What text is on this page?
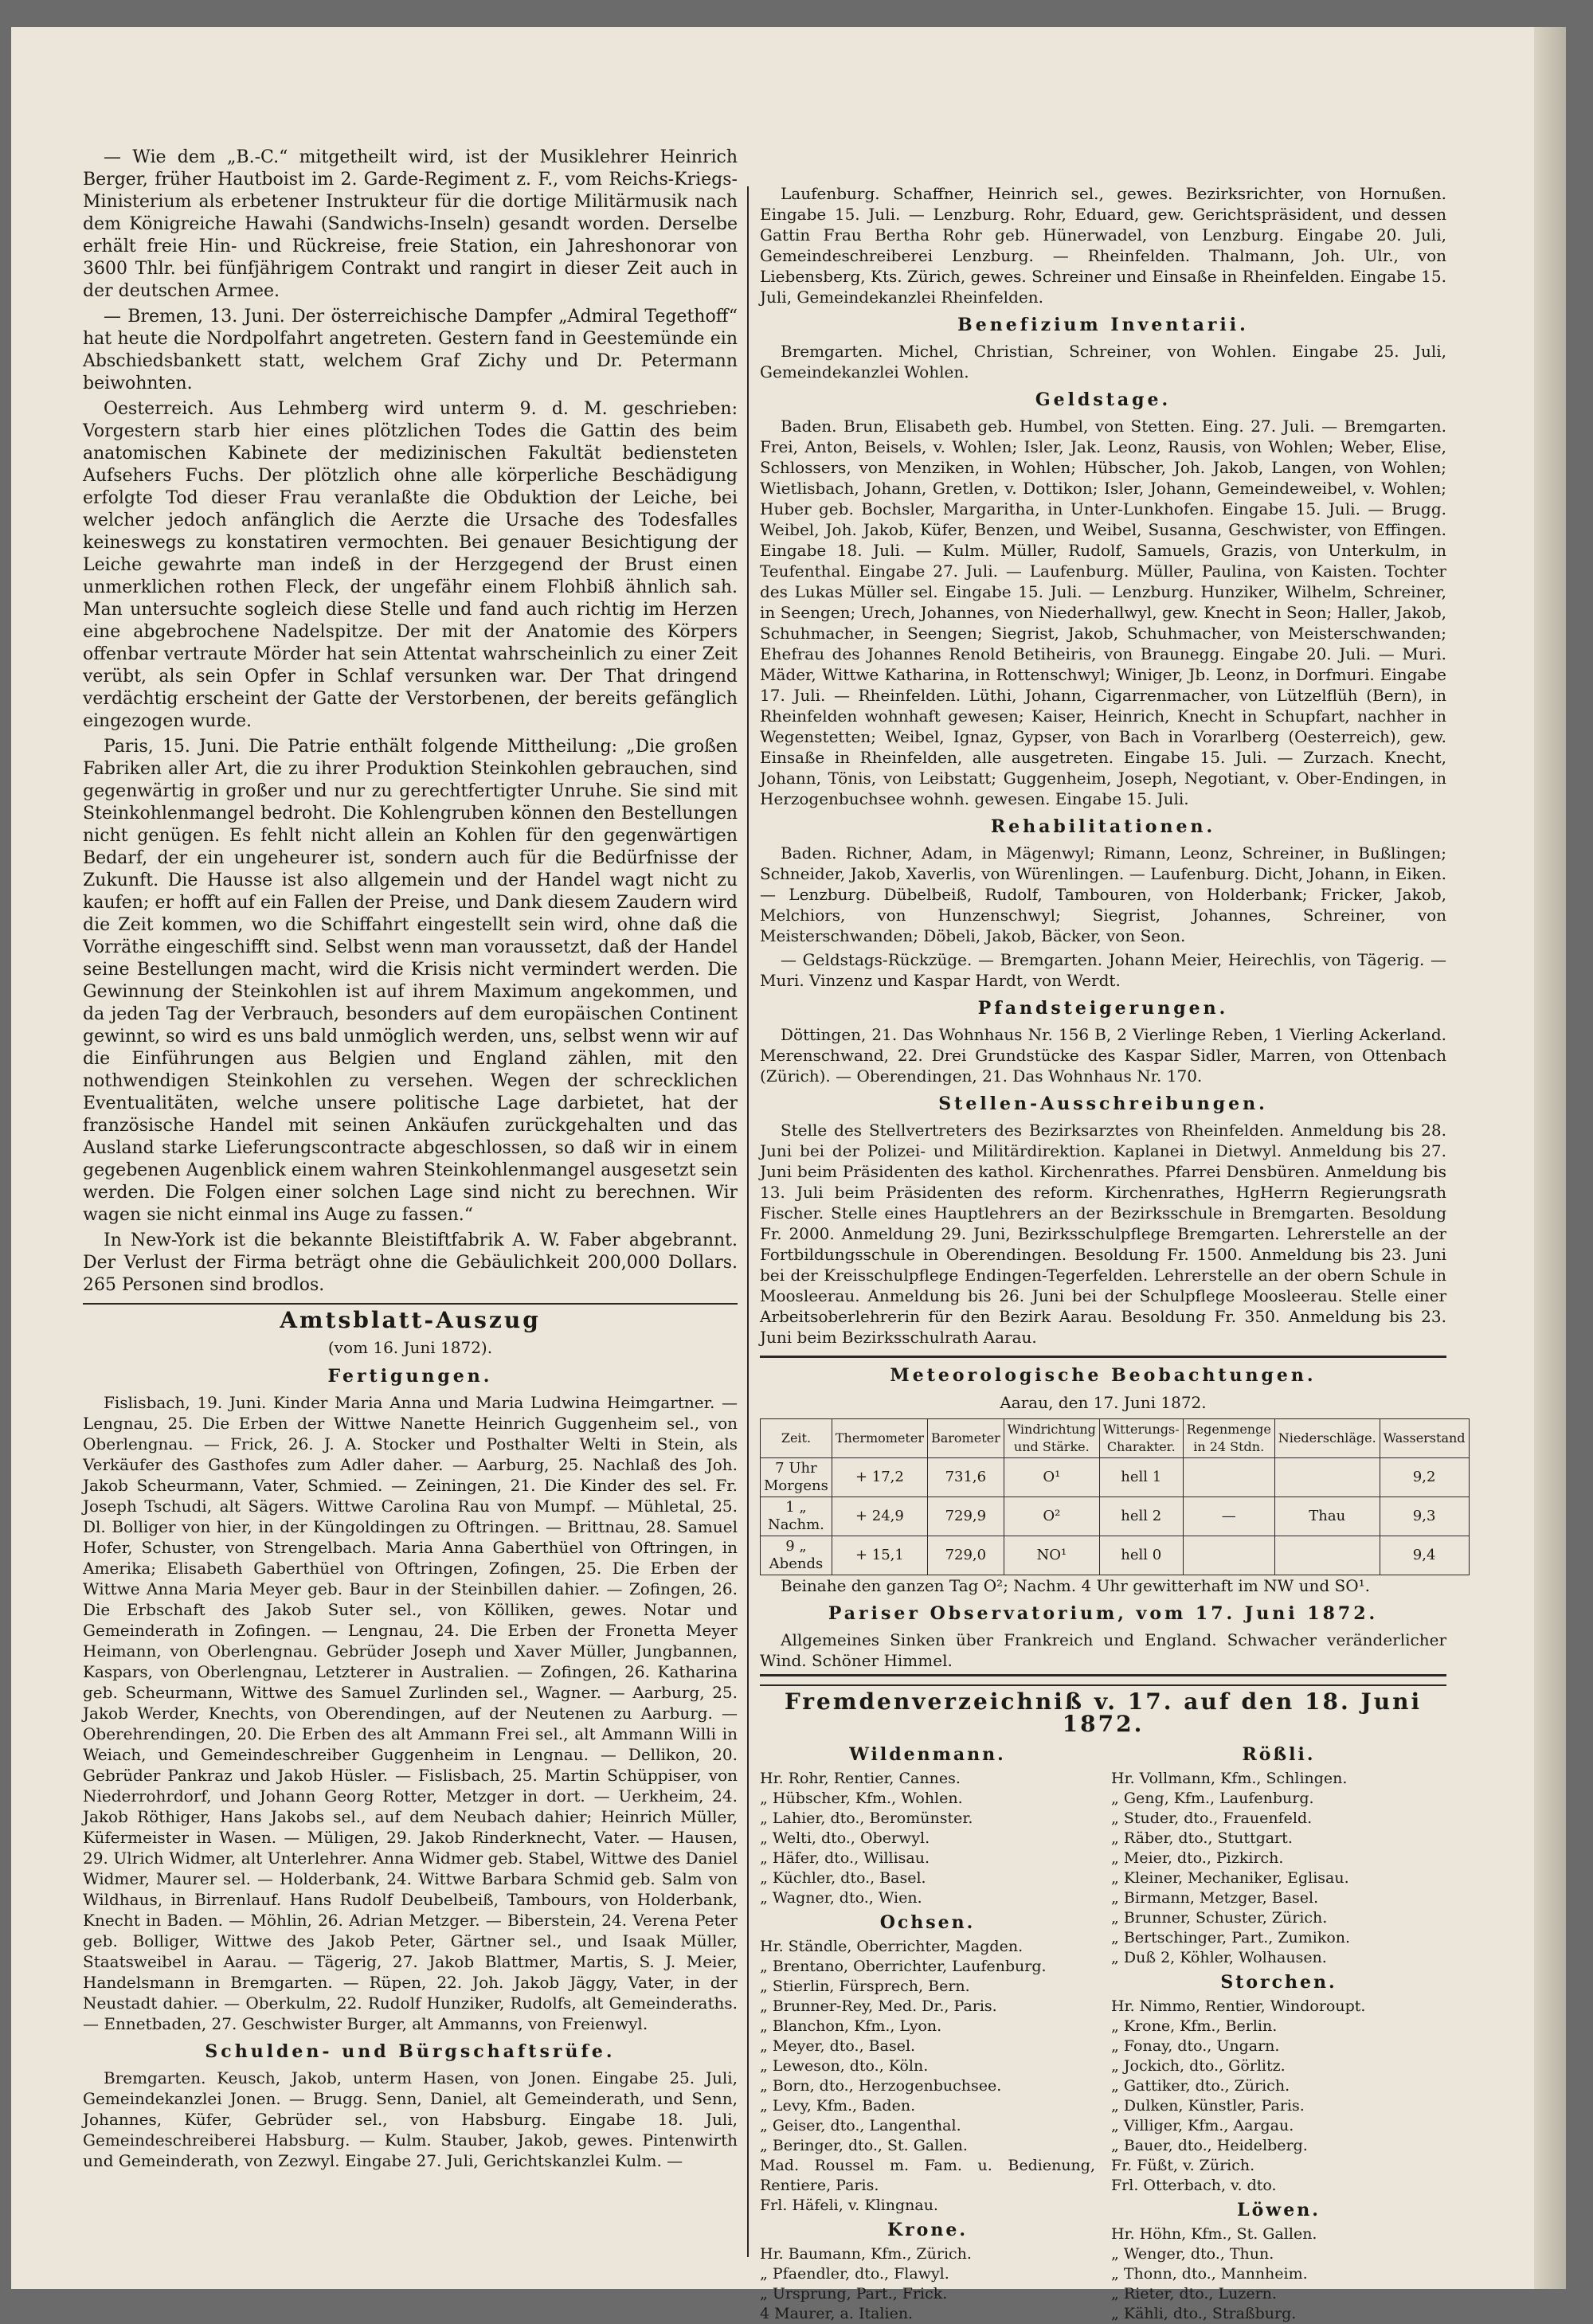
— Wie dem „B.-C.“ mitgetheilt wird, ist der Musiklehrer Heinrich Berger, früher Hautboist im 2. Garde-Regiment z. F., vom Reichs-Kriegs-Ministerium als erbetener Instrukteur für die dortige Militärmusik nach dem Königreiche Hawahi (Sandwichs-Inseln) gesandt worden. Derselbe erhält freie Hin- und Rückreise, freie Station, ein Jahreshonorar von 3600 Thlr. bei fünfjährigem Contrakt und rangirt in dieser Zeit auch in der deutschen Armee.

— Bremen, 13. Juni. Der österreichische Dampfer „Admiral Tegethoff“ hat heute die Nordpolfahrt angetreten. Gestern fand in Geestemünde ein Abschiedsbankett statt, welchem Graf Zichy und Dr. Petermann beiwohnten.

Oesterreich. Aus Lehmberg wird unterm 9. d. M. geschrieben: Vorgestern starb hier eines plötzlichen Todes die Gattin des beim anatomischen Kabinete der medizinischen Fakultät bediensteten Aufsehers Fuchs. Der plötzlich ohne alle körperliche Beschädigung erfolgte Tod dieser Frau veranlaßte die Obduktion der Leiche, bei welcher jedoch anfänglich die Aerzte die Ursache des Todesfalles keineswegs zu konstatiren vermochten. Bei genauer Besichtigung der Leiche gewahrte man indeß in der Herzgegend der Brust einen unmerklichen rothen Fleck, der ungefähr einem Flohbiß ähnlich sah. Man untersuchte sogleich diese Stelle und fand auch richtig im Herzen eine abgebrochene Nadelspitze. Der mit der Anatomie des Körpers offenbar vertraute Mörder hat sein Attentat wahrscheinlich zu einer Zeit verübt, als sein Opfer in Schlaf versunken war. Der That dringend verdächtig erscheint der Gatte der Verstorbenen, der bereits gefänglich eingezogen wurde.

Paris, 15. Juni. Die Patrie enthält folgende Mittheilung: „Die großen Fabriken aller Art, die zu ihrer Produktion Steinkohlen gebrauchen, sind gegenwärtig in großer und nur zu gerechtfertigter Unruhe. Sie sind mit Steinkohlenmangel bedroht. Die Kohlengruben können den Bestellungen nicht genügen. Es fehlt nicht allein an Kohlen für den gegenwärtigen Bedarf, der ein ungeheurer ist, sondern auch für die Bedürfnisse der Zukunft. Die Hausse ist also allgemein und der Handel wagt nicht zu kaufen; er hofft auf ein Fallen der Preise, und Dank diesem Zaudern wird die Zeit kommen, wo die Schiffahrt eingestellt sein wird, ohne daß die Vorräthe eingeschifft sind. Selbst wenn man voraussetzt, daß der Handel seine Bestellungen macht, wird die Krisis nicht vermindert werden. Die Gewinnung der Steinkohlen ist auf ihrem Maximum angekommen, und da jeden Tag der Verbrauch, besonders auf dem europäischen Continent gewinnt, so wird es uns bald unmöglich werden, uns, selbst wenn wir auf die Einführungen aus Belgien und England zählen, mit den nothwendigen Steinkohlen zu versehen. Wegen der schrecklichen Eventualitäten, welche unsere politische Lage darbietet, hat der französische Handel mit seinen Ankäufen zurückgehalten und das Ausland starke Lieferungscontracte abgeschlossen, so daß wir in einem gegebenen Augenblick einem wahren Steinkohlenmangel ausgesetzt sein werden. Die Folgen einer solchen Lage sind nicht zu berechnen. Wir wagen sie nicht einmal ins Auge zu fassen.“

In New-York ist die bekannte Bleistiftfabrik A. W. Faber abgebrannt. Der Verlust der Firma beträgt ohne die Gebäulichkeit 200,000 Dollars. 265 Personen sind brodlos.

Amtsblatt-Auszug
(vom 16. Juni 1872).
Fertigungen.

Fislisbach, 19. Juni. Kinder Maria Anna und Maria Ludwina Heimgartner. — Lengnau, 25. Die Erben der Wittwe Nanette Heinrich Guggenheim sel., von Oberlengnau. — Frick, 26. J. A. Stocker und Posthalter Welti in Stein, als Verkäufer des Gasthofes zum Adler daher. — Aarburg, 25. Nachlaß des Joh. Jakob Scheurmann, Vater, Schmied. — Zeiningen, 21. Die Kinder des sel. Fr. Joseph Tschudi, alt Sägers. Wittwe Carolina Rau von Mumpf. — Mühletal, 25. Dl. Bolliger von hier, in der Küngoldingen zu Oftringen. — Brittnau, 28. Samuel Hofer, Schuster, von Strengelbach. Maria Anna Gaberthüel von Oftringen, in Amerika; Elisabeth Gaberthüel von Oftringen, Zofingen, 25. Die Erben der Wittwe Anna Maria Meyer geb. Baur in der Steinbillen dahier. — Zofingen, 26. Die Erbschaft des Jakob Suter sel., von Kölliken, gewes. Notar und Gemeinderath in Zofingen. — Lengnau, 24. Die Erben der Fronetta Meyer Heimann, von Oberlengnau. Gebrüder Joseph und Xaver Müller, Jungbannen, Kaspars, von Oberlengnau, Letzterer in Australien. — Zofingen, 26. Katharina geb. Scheurmann, Wittwe des Samuel Zurlinden sel., Wagner. — Aarburg, 25. Jakob Werder, Knechts, von Oberendingen, auf der Neutenen zu Aarburg. — Oberehrendingen, 20. Die Erben des alt Ammann Frei sel., alt Ammann Willi in Weiach, und Gemeindeschreiber Guggenheim in Lengnau. — Dellikon, 20. Gebrüder Pankraz und Jakob Hüsler. — Fislisbach, 25. Martin Schüppiser, von Niederrohrdorf, und Johann Georg Rotter, Metzger in dort. — Uerkheim, 24. Jakob Röthiger, Hans Jakobs sel., auf dem Neubach dahier; Heinrich Müller, Küfermeister in Wasen. — Müligen, 29. Jakob Rinderknecht, Vater. — Hausen, 29. Ulrich Widmer, alt Unterlehrer. Anna Widmer geb. Stabel, Wittwe des Daniel Widmer, Maurer sel. — Holderbank, 24. Wittwe Barbara Schmid geb. Salm von Wildhaus, in Birrenlauf. Hans Rudolf Deubelbeiß, Tambours, von Holderbank, Knecht in Baden. — Möhlin, 26. Adrian Metzger. — Biberstein, 24. Verena Peter geb. Bolliger, Wittwe des Jakob Peter, Gärtner sel., und Isaak Müller, Staatsweibel in Aarau. — Tägerig, 27. Jakob Blattmer, Martis, S. J. Meier, Handelsmann in Bremgarten. — Rüpen, 22. Joh. Jakob Jäggy, Vater, in der Neustadt dahier. — Oberkulm, 22. Rudolf Hunziker, Rudolfs, alt Gemeinderaths. — Ennetbaden, 27. Geschwister Burger, alt Ammanns, von Freienwyl.

Schulden- und Bürgschaftsrüfe.

Bremgarten. Keusch, Jakob, unterm Hasen, von Jonen. Eingabe 25. Juli, Gemeindekanzlei Jonen. — Brugg. Senn, Daniel, alt Gemeinderath, und Senn, Johannes, Küfer, Gebrüder sel., von Habsburg. Eingabe 18. Juli, Gemeindeschreiberei Habsburg. — Kulm. Stauber, Jakob, gewes. Pintenwirth und Gemeinderath, von Zezwyl. Eingabe 27. Juli, Gerichtskanzlei Kulm. —

Laufenburg. Schaffner, Heinrich sel., gewes. Bezirksrichter, von Hornußen. Eingabe 15. Juli. — Lenzburg. Rohr, Eduard, gew. Gerichtspräsident, und dessen Gattin Frau Bertha Rohr geb. Hünerwadel, von Lenzburg. Eingabe 20. Juli, Gemeindeschreiberei Lenzburg. — Rheinfelden. Thalmann, Joh. Ulr., von Liebensberg, Kts. Zürich, gewes. Schreiner und Einsaße in Rheinfelden. Eingabe 15. Juli, Gemeindekanzlei Rheinfelden.

Benefizium Inventarii.

Bremgarten. Michel, Christian, Schreiner, von Wohlen. Eingabe 25. Juli, Gemeindekanzlei Wohlen.

Geldstage.

Baden. Brun, Elisabeth geb. Humbel, von Stetten. Eing. 27. Juli. — Bremgarten. Frei, Anton, Beisels, v. Wohlen; Isler, Jak. Leonz, Rausis, von Wohlen; Weber, Elise, Schlossers, von Menziken, in Wohlen; Hübscher, Joh. Jakob, Langen, von Wohlen; Wietlisbach, Johann, Gretlen, v. Dottikon; Isler, Johann, Gemeindeweibel, v. Wohlen; Huber geb. Bochsler, Margaritha, in Unter-Lunkhofen. Eingabe 15. Juli. — Brugg. Weibel, Joh. Jakob, Küfer, Benzen, und Weibel, Susanna, Geschwister, von Effingen. Eingabe 18. Juli. — Kulm. Müller, Rudolf, Samuels, Grazis, von Unterkulm, in Teufenthal. Eingabe 27. Juli. — Laufenburg. Müller, Paulina, von Kaisten. Tochter des Lukas Müller sel. Eingabe 15. Juli. — Lenzburg. Hunziker, Wilhelm, Schreiner, in Seengen; Urech, Johannes, von Niederhallwyl, gew. Knecht in Seon; Haller, Jakob, Schuhmacher, in Seengen; Siegrist, Jakob, Schuhmacher, von Meisterschwanden; Ehefrau des Johannes Renold Betiheiris, von Braunegg. Eingabe 20. Juli. — Muri. Mäder, Wittwe Katharina, in Rottenschwyl; Winiger, Jb. Leonz, in Dorfmuri. Eingabe 17. Juli. — Rheinfelden. Lüthi, Johann, Cigarrenmacher, von Lützelflüh (Bern), in Rheinfelden wohnhaft gewesen; Kaiser, Heinrich, Knecht in Schupfart, nachher in Wegenstetten; Weibel, Ignaz, Gypser, von Bach in Vorarlberg (Oesterreich), gew. Einsaße in Rheinfelden, alle ausgetreten. Eingabe 15. Juli. — Zurzach. Knecht, Johann, Tönis, von Leibstatt; Guggenheim, Joseph, Negotiant, v. Ober-Endingen, in Herzogenbuchsee wohnh. gewesen. Eingabe 15. Juli.

Rehabilitationen.

Baden. Richner, Adam, in Mägenwyl; Rimann, Leonz, Schreiner, in Bußlingen; Schneider, Jakob, Xaverlis, von Würenlingen. — Laufenburg. Dicht, Johann, in Eiken. — Lenzburg. Dübelbeiß, Rudolf, Tambouren, von Holderbank; Fricker, Jakob, Melchiors, von Hunzenschwyl; Siegrist, Johannes, Schreiner, von Meisterschwanden; Döbeli, Jakob, Bäcker, von Seon.

— Geldstags-Rückzüge. — Bremgarten. Johann Meier, Heirechlis, von Tägerig. — Muri. Vinzenz und Kaspar Hardt, von Werdt.

Pfandsteigerungen.

Döttingen, 21. Das Wohnhaus Nr. 156 B, 2 Vierlinge Reben, 1 Vierling Ackerland. Merenschwand, 22. Drei Grundstücke des Kaspar Sidler, Marren, von Ottenbach (Zürich). — Oberendingen, 21. Das Wohnhaus Nr. 170.

Stellen-Ausschreibungen.

Stelle des Stellvertreters des Bezirksarztes von Rheinfelden. Anmeldung bis 28. Juni bei der Polizei- und Militärdirektion. Kaplanei in Dietwyl. Anmeldung bis 27. Juni beim Präsidenten des kathol. Kirchenrathes. Pfarrei Densbüren. Anmeldung bis 13. Juli beim Präsidenten des reform. Kirchenrathes, HgHerrn Regierungsrath Fischer. Stelle eines Hauptlehrers an der Bezirksschule in Bremgarten. Besoldung Fr. 2000. Anmeldung 29. Juni, Bezirksschulpflege Bremgarten. Lehrerstelle an der Fortbildungsschule in Oberendingen. Besoldung Fr. 1500. Anmeldung bis 23. Juni bei der Kreisschulpflege Endingen-Tegerfelden. Lehrerstelle an der obern Schule in Moosleerau. Anmeldung bis 26. Juni bei der Schulpflege Moosleerau. Stelle einer Arbeitsoberlehrerin für den Bezirk Aarau. Besoldung Fr. 350. Anmeldung bis 23. Juni beim Bezirksschulrath Aarau.

Meteorologische Beobachtungen.
Aarau, den 17. Juni 1872.
Zeit.	Thermometer	Barometer	Windrichtung und Stärke.	Witterungs-Charakter.	Regenmenge in 24 Stdn.	Niederschläge.	Wasserstand
7 Uhr Morgens	+ 17,2	731,6	O¹	hell 1			9,2
1 „ Nachm.	+ 24,9	729,9	O²	hell 2	—	Thau	9,3
9 „ Abends	+ 15,1	729,0	NO¹	hell 0			9,4

Beinahe den ganzen Tag O²; Nachm. 4 Uhr gewitterhaft im NW und SO¹.

Pariser Observatorium, vom 17. Juni 1872.

Allgemeines Sinken über Frankreich und England. Schwacher veränderlicher Wind. Schöner Himmel.

Fremdenverzeichniß v. 17. auf den 18. Juni 1872.
Wildenmann.

Hr. Rohr, Rentier, Cannes.

„ Hübscher, Kfm., Wohlen.

„ Lahier, dto., Beromünster.

„ Welti, dto., Oberwyl.

„ Häfer, dto., Willisau.

„ Küchler, dto., Basel.

„ Wagner, dto., Wien.

Ochsen.

Hr. Ständle, Oberrichter, Magden.

„ Brentano, Oberrichter, Laufenburg.

„ Stierlin, Fürsprech, Bern.

„ Brunner-Rey, Med. Dr., Paris.

„ Blanchon, Kfm., Lyon.

„ Meyer, dto., Basel.

„ Leweson, dto., Köln.

„ Born, dto., Herzogenbuchsee.

„ Levy, Kfm., Baden.

„ Geiser, dto., Langenthal.

„ Beringer, dto., St. Gallen.

Mad. Roussel m. Fam. u. Bedienung, Rentiere, Paris.

Frl. Häfeli, v. Klingnau.

Krone.

Hr. Baumann, Kfm., Zürich.

„ Pfaendler, dto., Flawyl.

„ Ursprung, Part., Frick.

4 Maurer, a. Italien.

Rößli.

Hr. Vollmann, Kfm., Schlingen.

„ Geng, Kfm., Laufenburg.

„ Studer, dto., Frauenfeld.

„ Räber, dto., Stuttgart.

„ Meier, dto., Pizkirch.

„ Kleiner, Mechaniker, Eglisau.

„ Birmann, Metzger, Basel.

„ Brunner, Schuster, Zürich.

„ Bertschinger, Part., Zumikon.

„ Duß 2, Köhler, Wolhausen.

Storchen.

Hr. Nimmo, Rentier, Windoroupt.

„ Krone, Kfm., Berlin.

„ Fonay, dto., Ungarn.

„ Jockich, dto., Görlitz.

„ Gattiker, dto., Zürich.

„ Dulken, Künstler, Paris.

„ Villiger, Kfm., Aargau.

„ Bauer, dto., Heidelberg.

Fr. Füßt, v. Zürich.

Frl. Otterbach, v. dto.

Löwen.

Hr. Höhn, Kfm., St. Gallen.

„ Wenger, dto., Thun.

„ Thonn, dto., Mannheim.

„ Rieter, dto., Luzern.

„ Kähli, dto., Straßburg.
